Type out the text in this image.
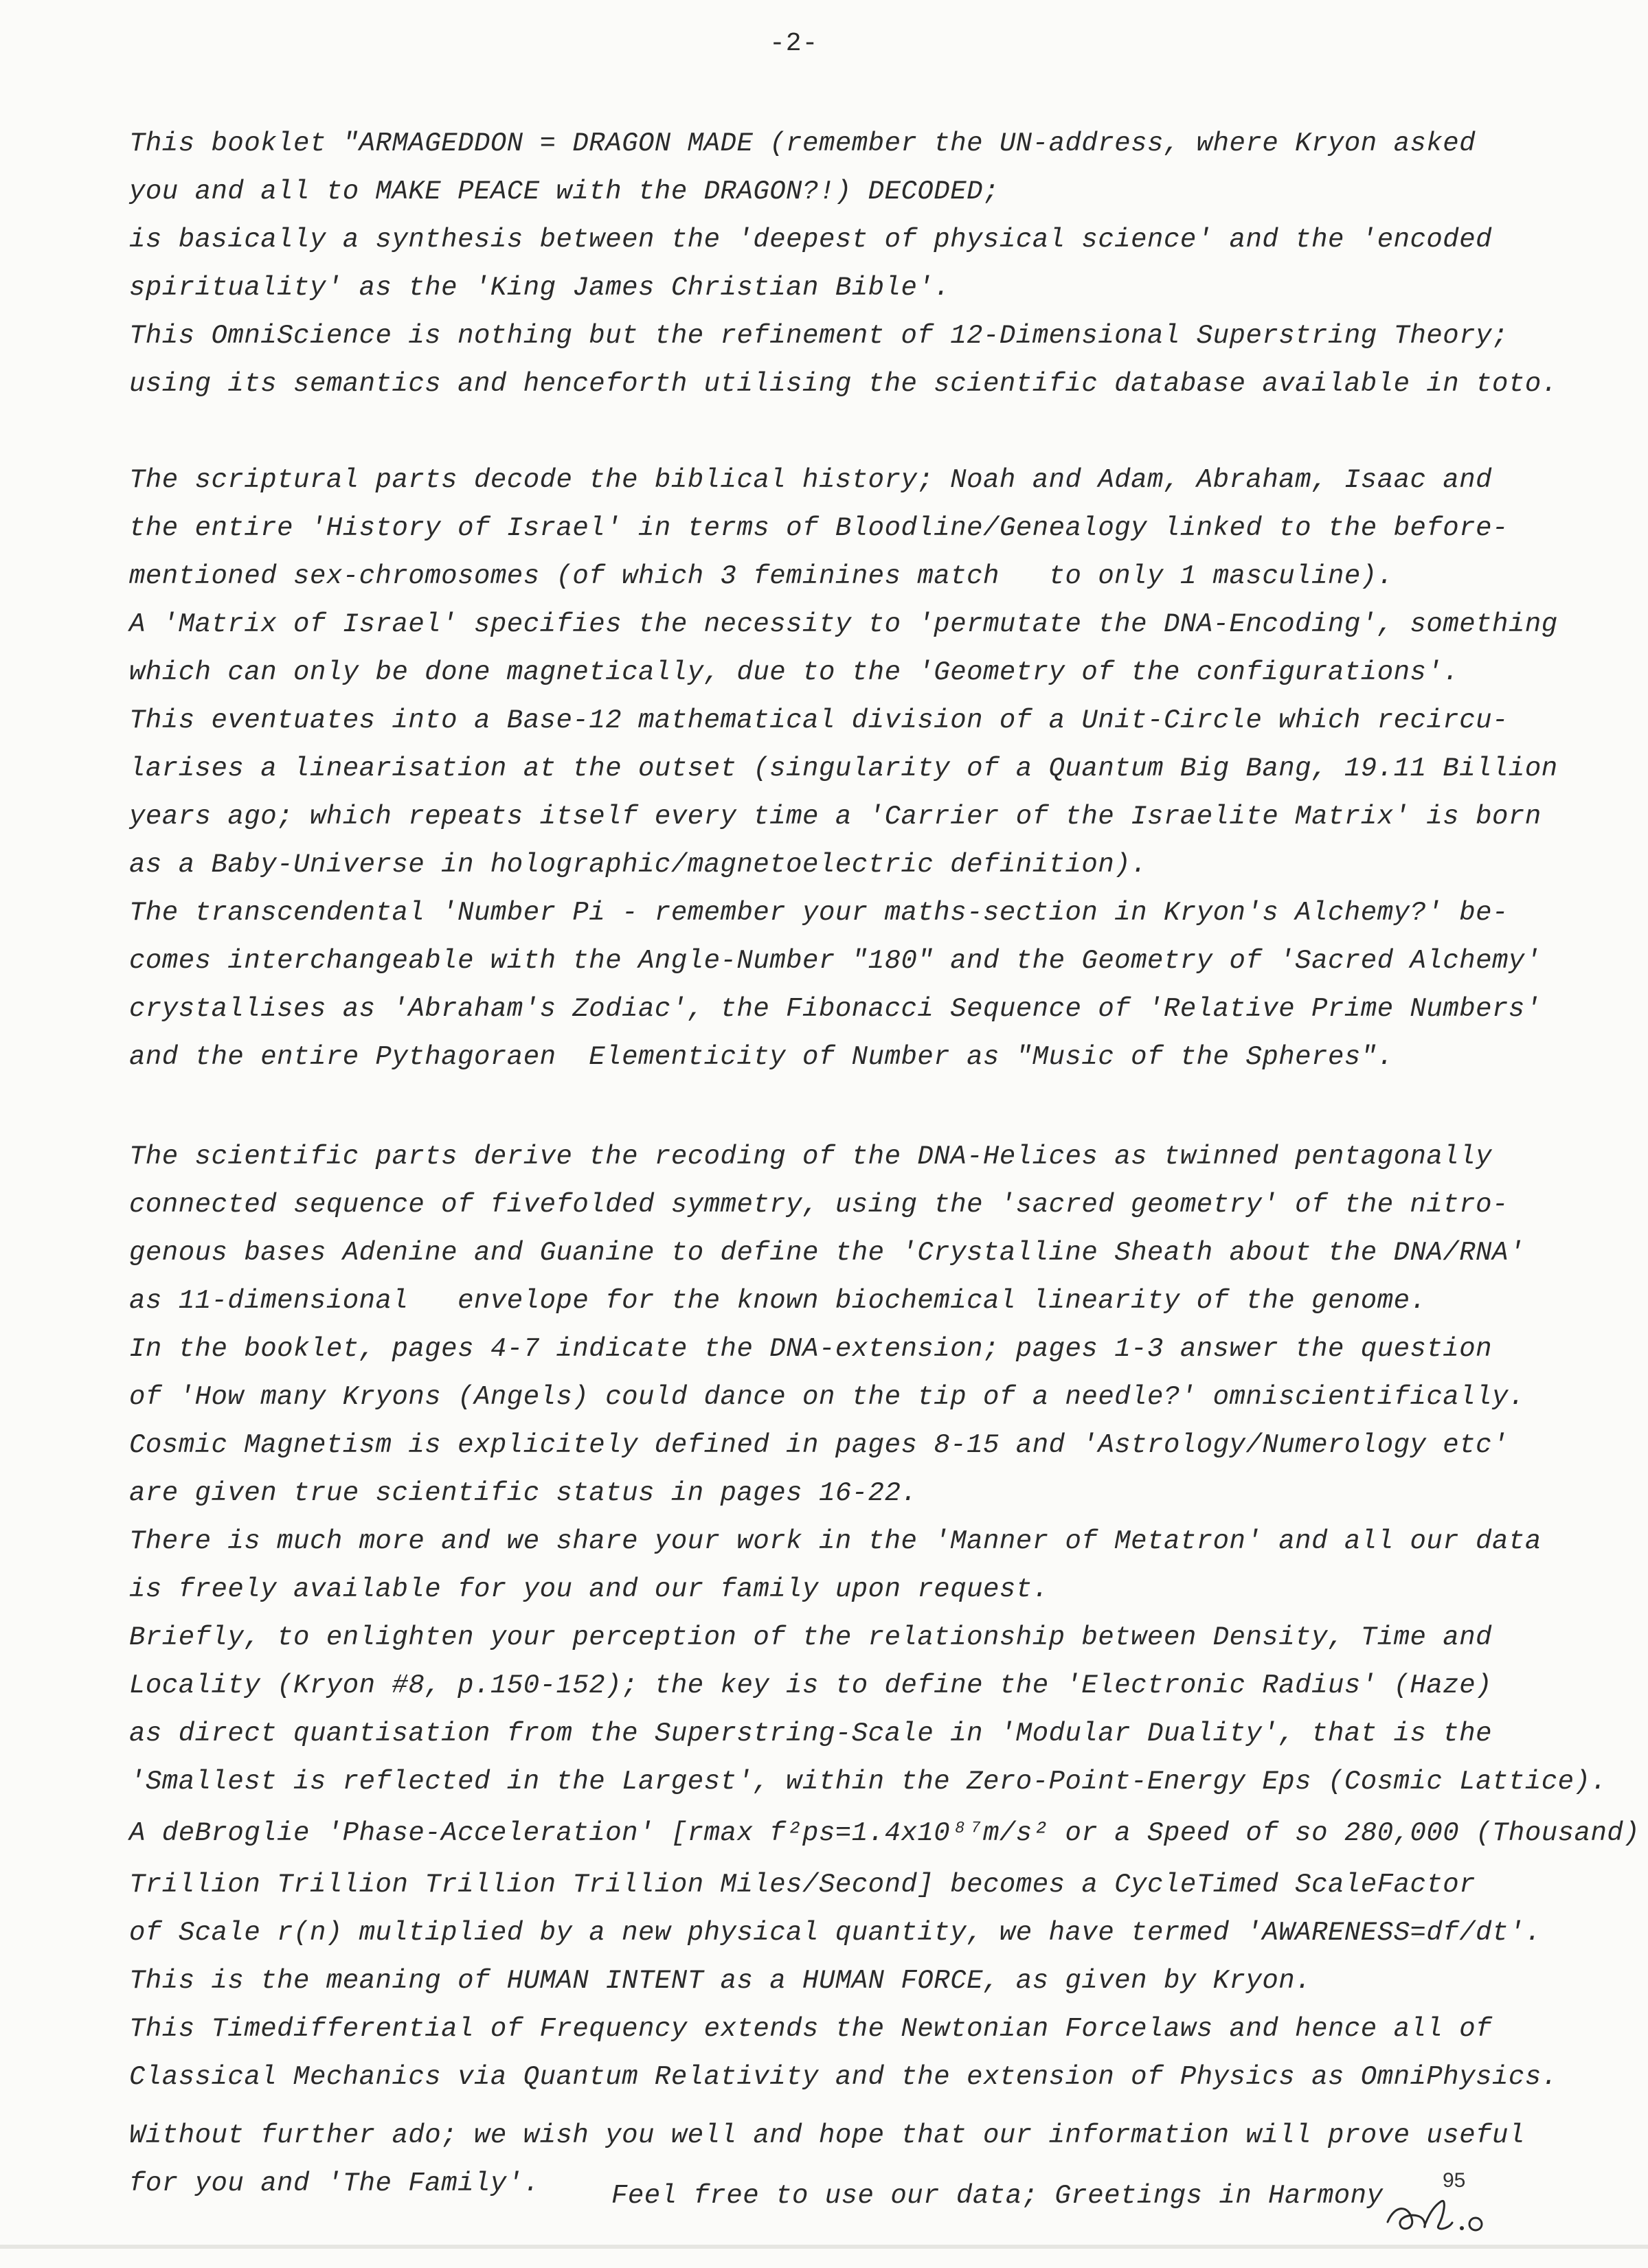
-2-
This booklet "ARMAGEDDON = DRAGON MADE (remember the UN-address, where Kryon asked
you and all to MAKE PEACE with the DRAGON?!) DECODED;
is basically a synthesis between the 'deepest of physical science' and the 'encoded
spirituality' as the 'King James Christian Bible'.
This OmniScience is nothing but the refinement of 12-Dimensional Superstring Theory;
using its semantics and henceforth utilising the scientific database available in toto.
The scriptural parts decode the biblical history; Noah and Adam, Abraham, Isaac and
the entire 'History of Israel' in terms of Bloodline/Genealogy linked to the before-
mentioned sex-chromosomes (of which 3 feminines match   to only 1 masculine).
A 'Matrix of Israel' specifies the necessity to 'permutate the DNA-Encoding', something
which can only be done magnetically, due to the 'Geometry of the configurations'.
This eventuates into a Base-12 mathematical division of a Unit-Circle which recircu-
larises a linearisation at the outset (singularity of a Quantum Big Bang, 19.11 Billion
years ago; which repeats itself every time a 'Carrier of the Israelite Matrix' is born
as a Baby-Universe in holographic/magnetoelectric definition).
The transcendental 'Number Pi - remember your maths-section in Kryon's Alchemy?' be-
comes interchangeable with the Angle-Number "180" and the Geometry of 'Sacred Alchemy'
crystallises as 'Abraham's Zodiac', the Fibonacci Sequence of 'Relative Prime Numbers'
and the entire Pythagoraen  Elementicity of Number as "Music of the Spheres".
The scientific parts derive the recoding of the DNA-Helices as twinned pentagonally
connected sequence of fivefolded symmetry, using the 'sacred geometry' of the nitro-
genous bases Adenine and Guanine to define the 'Crystalline Sheath about the DNA/RNA'
as 11-dimensional   envelope for the known biochemical linearity of the genome.
In the booklet, pages 4-7 indicate the DNA-extension; pages 1-3 answer the question
of 'How many Kryons (Angels) could dance on the tip of a needle?' omniscientifically.
Cosmic Magnetism is explicitely defined in pages 8-15 and 'Astrology/Numerology etc'
are given true scientific status in pages 16-22.
There is much more and we share your work in the 'Manner of Metatron' and all our data
is freely available for you and our family upon request.
Briefly, to enlighten your perception of the relationship between Density, Time and
Locality (Kryon #8, p.150-152); the key is to define the 'Electronic Radius' (Haze)
as direct quantisation from the Superstring-Scale in 'Modular Duality', that is the
'Smallest is reflected in the Largest', within the Zero-Point-Energy Eps (Cosmic Lattice).
A deBroglie 'Phase-Acceleration' [rmax f²ps=1.4x10⁸⁷m/s² or a Speed of so 280,000 (Thousand)
Trillion Trillion Trillion Trillion Miles/Second] becomes a CycleTimed ScaleFactor
of Scale r(n) multiplied by a new physical quantity, we have termed 'AWARENESS=df/dt'.
This is the meaning of HUMAN INTENT as a HUMAN FORCE, as given by Kryon.
This Timedifferential of Frequency extends the Newtonian Forcelaws and hence all of
Classical Mechanics via Quantum Relativity and the extension of Physics as OmniPhysics.
Without further ado; we wish you well and hope that our information will prove useful
for you and 'The Family'.	Feel free to use our data; Greetings in Harmony
95
